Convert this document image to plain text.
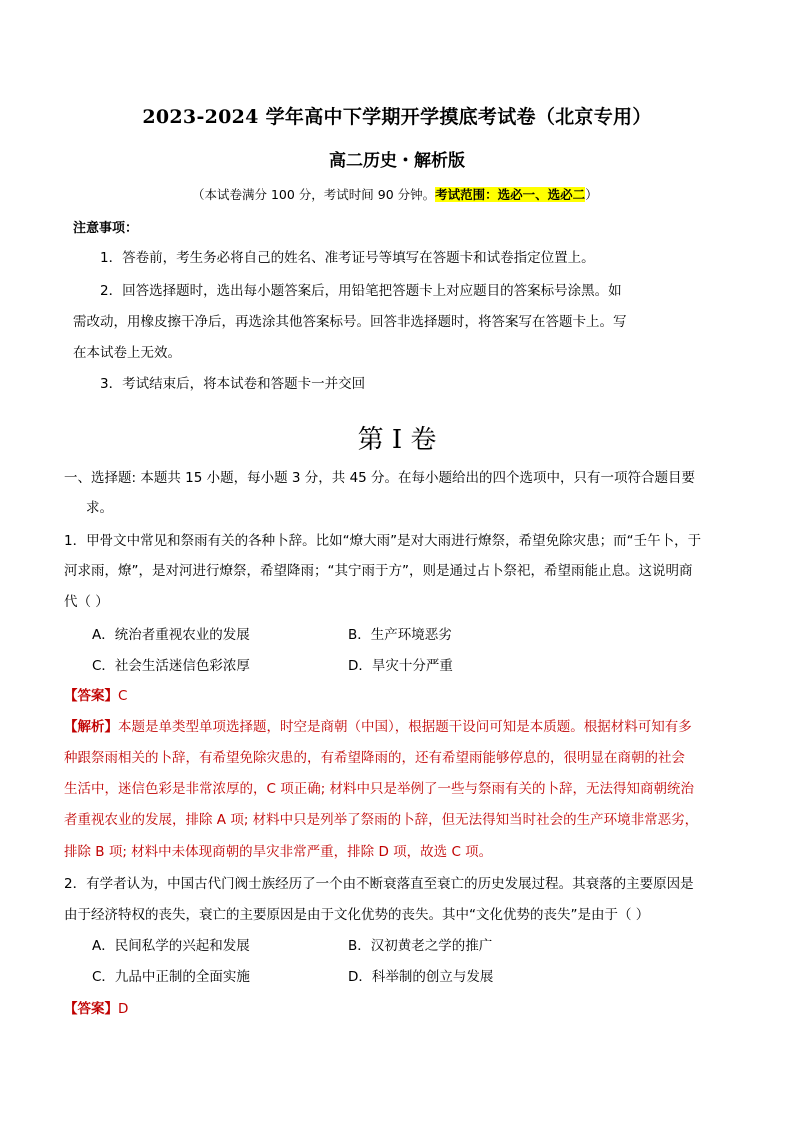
2023-2024 学年高中下学期开学摸底考试卷（北京专用）
高二历史・解析版
（本试卷满分 100 分，考试时间 90 分钟。考试范围：选必一、选必二）
注意事项：
1．答卷前，考生务必将自己的姓名、准考证号等填写在答题卡和试卷指定位置上。
2．回答选择题时，选出每小题答案后，用铅笔把答题卡上对应题目的答案标号涂黑。如
需改动，用橡皮擦干净后，再选涂其他答案标号。回答非选择题时，将答案写在答题卡上。写
在本试卷上无效。
3．考试结束后，将本试卷和答题卡一并交回
第 I 卷
一、选择题: 本题共 15 小题，每小题 3 分，共 45 分。在每小题给出的四个选项中，只有一项符合题目要
求。
1．甲骨文中常见和祭雨有关的各种卜辞。比如“燎大雨”是对大雨进行燎祭，希望免除灾患；而“壬午卜，于
河求雨，燎”，是对河进行燎祭，希望降雨；“其宁雨于方”，则是通过占卜祭祀，希望雨能止息。这说明商
代（ ）
A．统治者重视农业的发展	B．生产环境恶劣
C．社会生活迷信色彩浓厚	D．旱灾十分严重
【答案】C
【解析】本题是单类型单项选择题，时空是商朝（中国），根据题干设问可知是本质题。根据材料可知有多
种跟祭雨相关的卜辞，有希望免除灾患的，有希望降雨的，还有希望雨能够停息的，很明显在商朝的社会
生活中，迷信色彩是非常浓厚的，C 项正确; 材料中只是举例了一些与祭雨有关的卜辞，无法得知商朝统治
者重视农业的发展，排除 A 项; 材料中只是列举了祭雨的卜辞，但无法得知当时社会的生产环境非常恶劣，
排除 B 项; 材料中未体现商朝的旱灾非常严重，排除 D 项，故选 C 项。
2．有学者认为，中国古代门阀士族经历了一个由不断衰落直至衰亡的历史发展过程。其衰落的主要原因是
由于经济特权的丧失，衰亡的主要原因是由于文化优势的丧失。其中“文化优势的丧失”是由于（ ）
A．民间私学的兴起和发展	B．汉初黄老之学的推广
C．九品中正制的全面实施	D．科举制的创立与发展
【答案】D
